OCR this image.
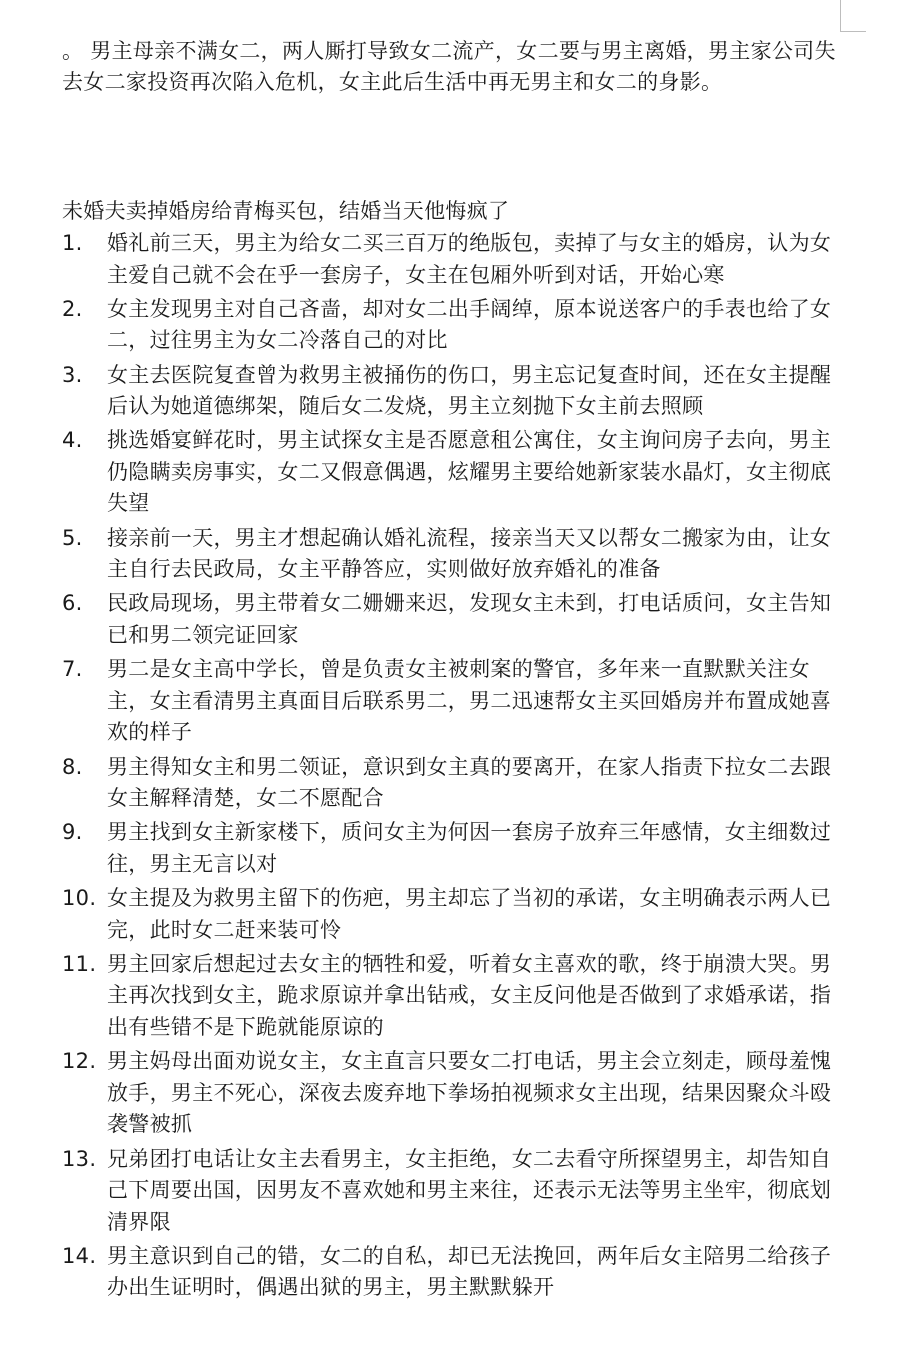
。 男主母亲不满女二，两人厮打导致女二流产，女二要与男主离婚，男主家公司失去女二家投资再次陷入危机，女主此后生活中再无男主和女二的身影。
未婚夫卖掉婚房给青梅买包，结婚当天他悔疯了
1.	婚礼前三天，男主为给女二买三百万的绝版包，卖掉了与女主的婚房，认为女主爱自己就不会在乎一套房子，女主在包厢外听到对话，开始心寒
2.	女主发现男主对自己吝啬，却对女二出手阔绰，原本说送客户的手表也给了女二，过往男主为女二冷落自己的对比
3.	女主去医院复查曾为救男主被捅伤的伤口，男主忘记复查时间，还在女主提醒后认为她道德绑架，随后女二发烧，男主立刻抛下女主前去照顾
4.	挑选婚宴鲜花时，男主试探女主是否愿意租公寓住，女主询问房子去向，男主仍隐瞒卖房事实，女二又假意偶遇，炫耀男主要给她新家装水晶灯，女主彻底失望
5.	接亲前一天，男主才想起确认婚礼流程，接亲当天又以帮女二搬家为由，让女主自行去民政局，女主平静答应，实则做好放弃婚礼的准备
6.	民政局现场，男主带着女二姗姗来迟，发现女主未到，打电话质问，女主告知已和男二领完证回家
7.	男二是女主高中学长，曾是负责女主被刺案的警官，多年来一直默默关注女主，女主看清男主真面目后联系男二，男二迅速帮女主买回婚房并布置成她喜欢的样子
8.	男主得知女主和男二领证，意识到女主真的要离开，在家人指责下拉女二去跟女主解释清楚，女二不愿配合
9.	男主找到女主新家楼下，质问女主为何因一套房子放弃三年感情，女主细数过往，男主无言以对
10. 女主提及为救男主留下的伤疤，男主却忘了当初的承诺，女主明确表示两人已完，此时女二赶来装可怜
11. 男主回家后想起过去女主的牺牲和爱，听着女主喜欢的歌，终于崩溃大哭。男主再次找到女主，跪求原谅并拿出钻戒，女主反问他是否做到了求婚承诺，指出有些错不是下跪就能原谅的
12. 男主妈母出面劝说女主，女主直言只要女二打电话，男主会立刻走，顾母羞愧放手，男主不死心，深夜去废弃地下拳场拍视频求女主出现，结果因聚众斗殴袭警被抓
13. 兄弟团打电话让女主去看男主，女主拒绝，女二去看守所探望男主，却告知自己下周要出国，因男友不喜欢她和男主来往，还表示无法等男主坐牢，彻底划清界限
14. 男主意识到自己的错，女二的自私，却已无法挽回，两年后女主陪男二给孩子办出生证明时，偶遇出狱的男主，男主默默躲开
